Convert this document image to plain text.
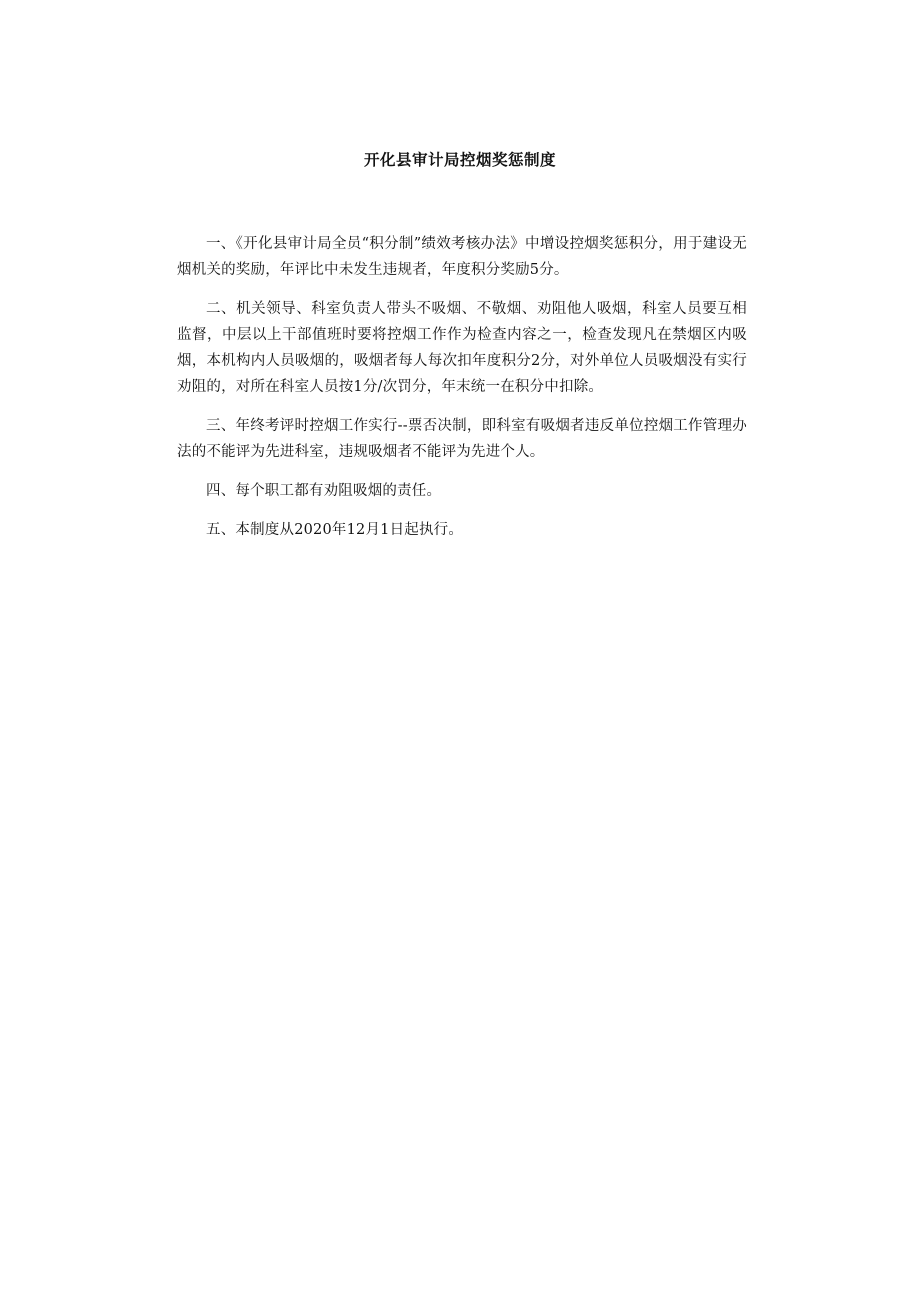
开化县审计局控烟奖惩制度

一、《开化县审计局全员“积分制”绩效考核办法》中增设控烟奖惩积分，用于建设无烟机关的奖励，年评比中未发生违规者，年度积分奖励5分。

二、机关领导、科室负责人带头不吸烟、不敬烟、劝阻他人吸烟，科室人员要互相监督，中层以上干部值班时要将控烟工作作为检查内容之一，检查发现凡在禁烟区内吸烟，本机构内人员吸烟的，吸烟者每人每次扣年度积分2分，对外单位人员吸烟没有实行劝阻的，对所在科室人员按1分/次罚分，年末统一在积分中扣除。

三、年终考评时控烟工作实行--票否决制，即科室有吸烟者违反单位控烟工作管理办法的不能评为先进科室，违规吸烟者不能评为先进个人。

四、每个职工都有劝阻吸烟的责任。

五、本制度从2020年12月1日起执行。
